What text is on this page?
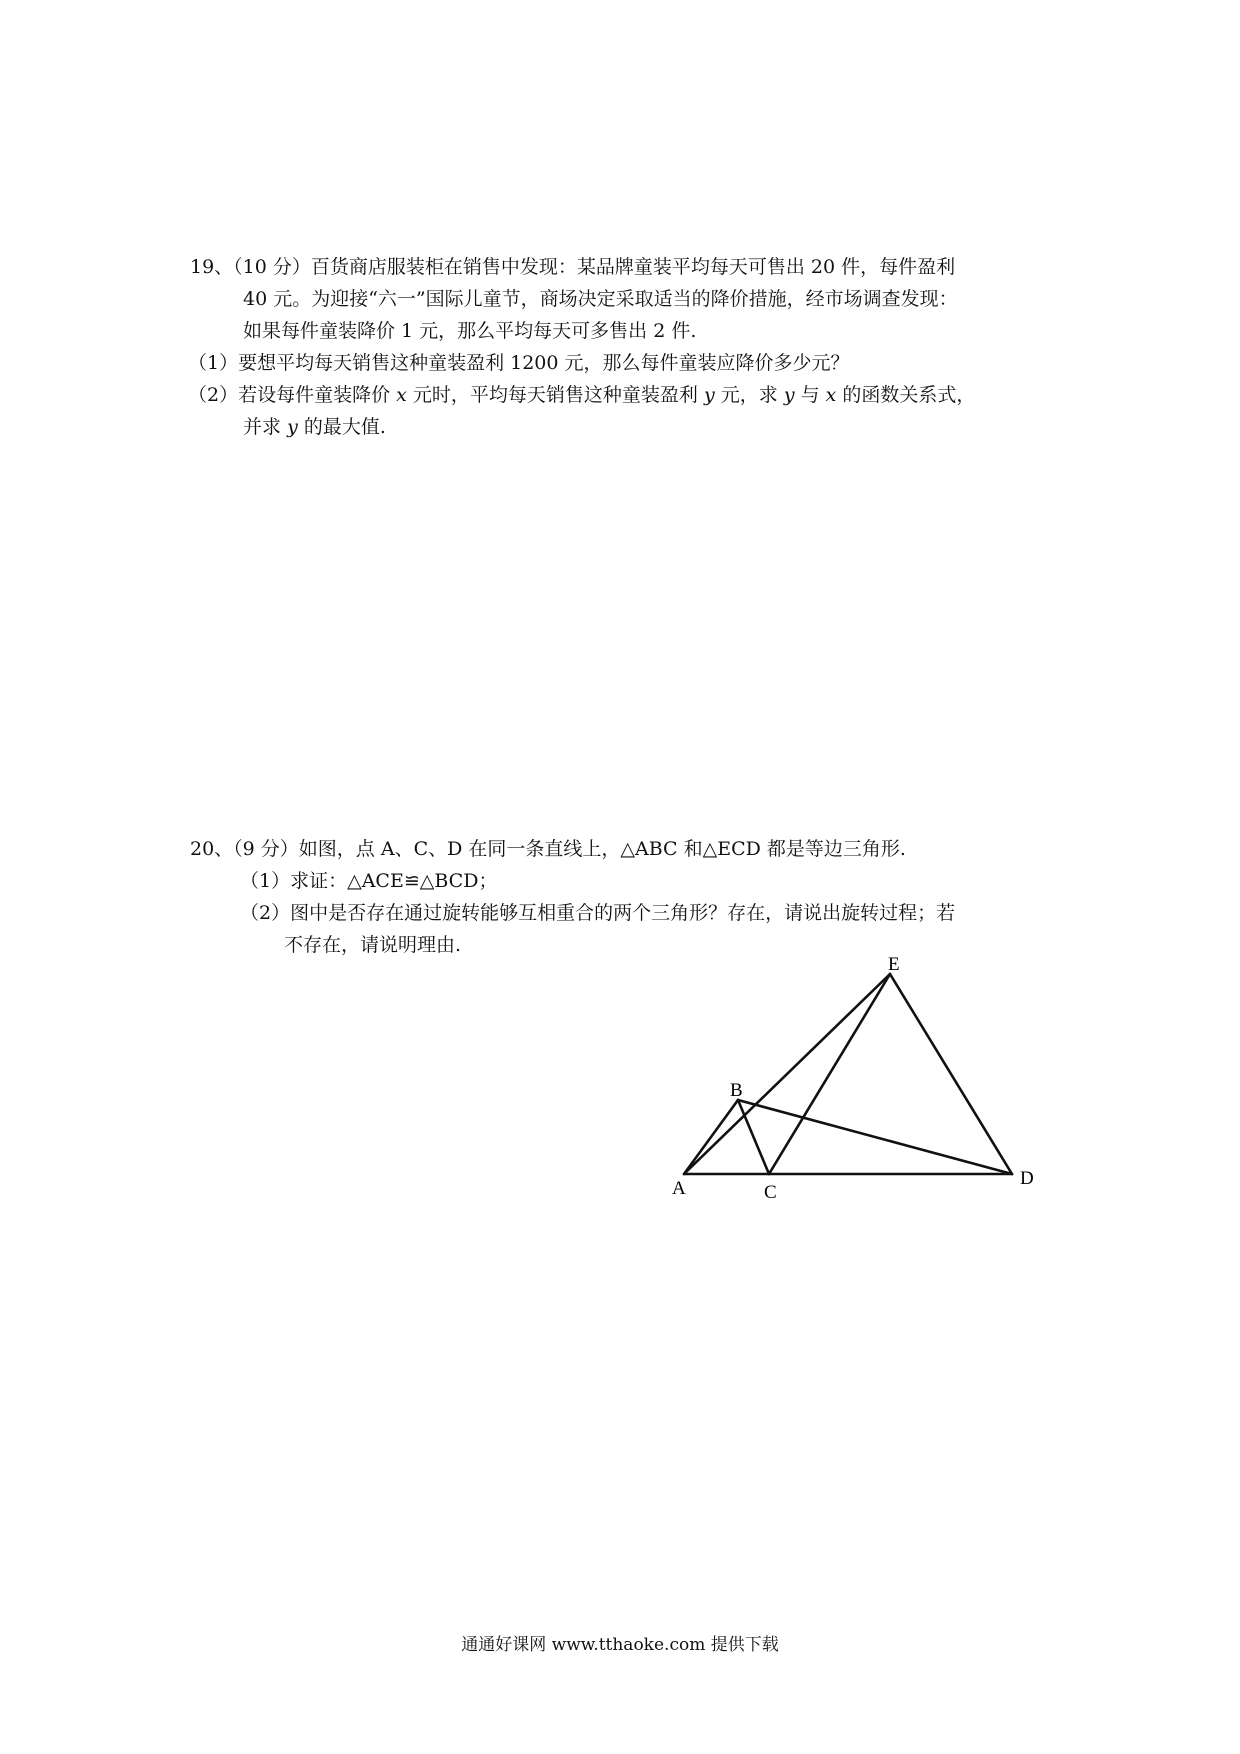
19、（10 分）百货商店服装柜在销售中发现：某品牌童装平均每天可售出 20 件，每件盈利
40 元。为迎接“六一”国际儿童节，商场决定采取适当的降价措施，经市场调查发现：
如果每件童装降价 1 元，那么平均每天可多售出 2 件.
（1）要想平均每天销售这种童装盈利 1200 元，那么每件童装应降价多少元？
（2）若设每件童装降价 x 元时，平均每天销售这种童装盈利 y 元，求 y 与 x 的函数关系式，
并求 y 的最大值.
20、（9 分）如图，点 A、C、D 在同一条直线上，△ABC 和△ECD 都是等边三角形.
（1）求证：△ACE≌△BCD；
（2）图中是否存在通过旋转能够互相重合的两个三角形？存在，请说出旋转过程；若
不存在，请说明理由.
E
B
A	C
D
通通好课网 www.tthaoke.com 提供下载
